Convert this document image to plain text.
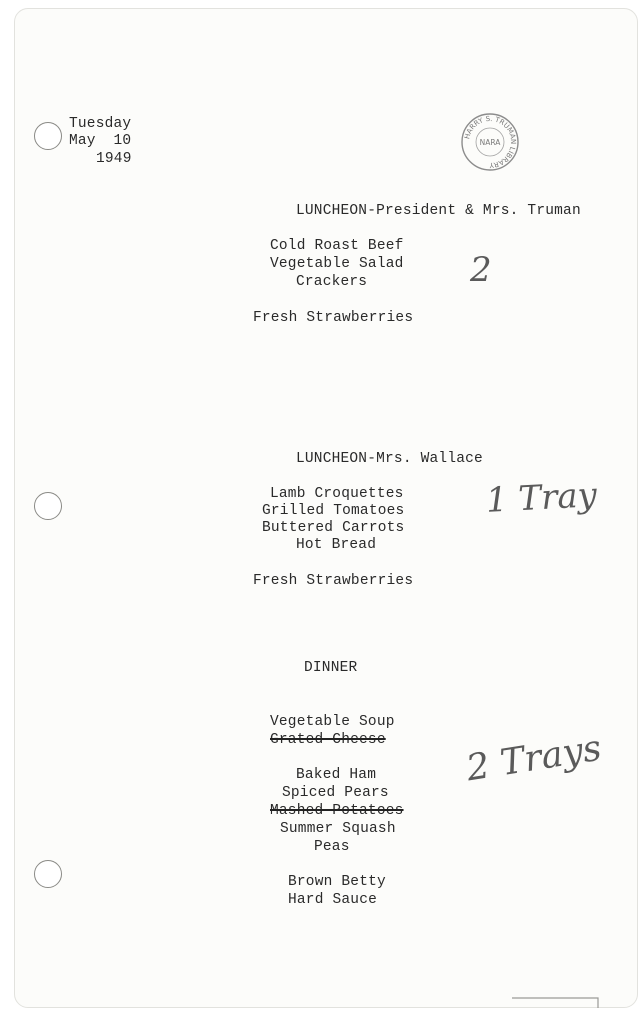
Tuesday
May  10
1949
HARRY S. TRUMAN LIBRARY
NARA
LUNCHEON-President & Mrs. Truman
Cold Roast Beef
Vegetable Salad
Crackers
Fresh Strawberries
2
LUNCHEON-Mrs. Wallace
Lamb Croquettes
Grilled Tomatoes
Buttered Carrots
Hot Bread
Fresh Strawberries
1 Tray
DINNER
Vegetable Soup
Grated Cheese
Baked Ham
Spiced Pears
Mashed Potatoes
Summer Squash
Peas
Brown Betty
Hard Sauce
2 Trays
